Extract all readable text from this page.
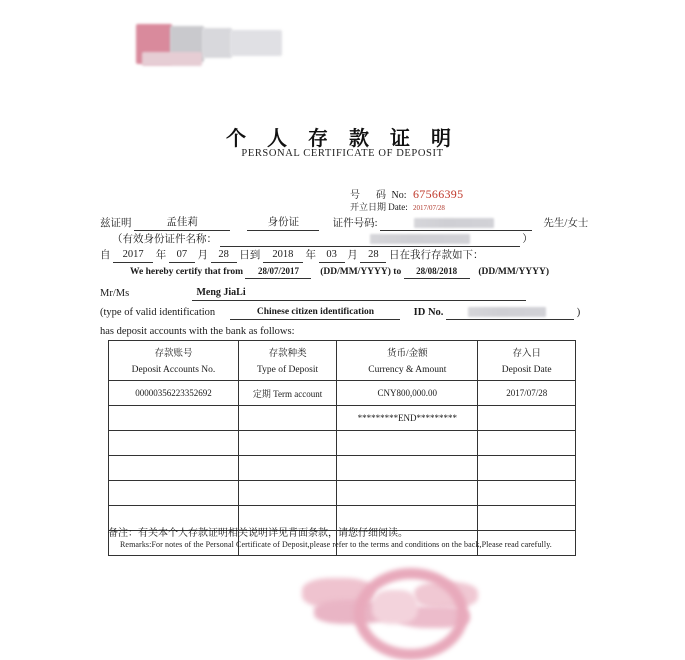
个 人 存 款 证 明
PERSONAL CERTIFICATE OF DEPOSIT
号　码 No: 67566395
开立日期 Date: 2017/07/28
兹证明	孟佳莉	身份证	证件号码:	先生/女士
（有效身份证件名称：	）
自 2017 年 07 月 28 日到 2018 年 03 月 28 日在我行存款如下：
We hereby certify that from 28/07/2017 (DD/MM/YYYY) to 28/08/2018 (DD/MM/YYYY)
Mr/Ms	Meng JiaLi
(type of valid identification	Chinese citizen identification	ID No.	)
has deposit accounts with the bank as follows:
存款账号	存款种类	货币/金额	存入日
Deposit Accounts No.	Type of Deposit	Currency & Amount	Deposit Date
00000356223352692	定期 Term account	CNY800,000.00	2017/07/28
		*********END*********	

备注：有关本个人存款证明相关说明详见背面条款，请您仔细阅读。
Remarks:For notes of the Personal Certificate of Deposit,please refer to the terms and conditions on the back,Please read carefully.
